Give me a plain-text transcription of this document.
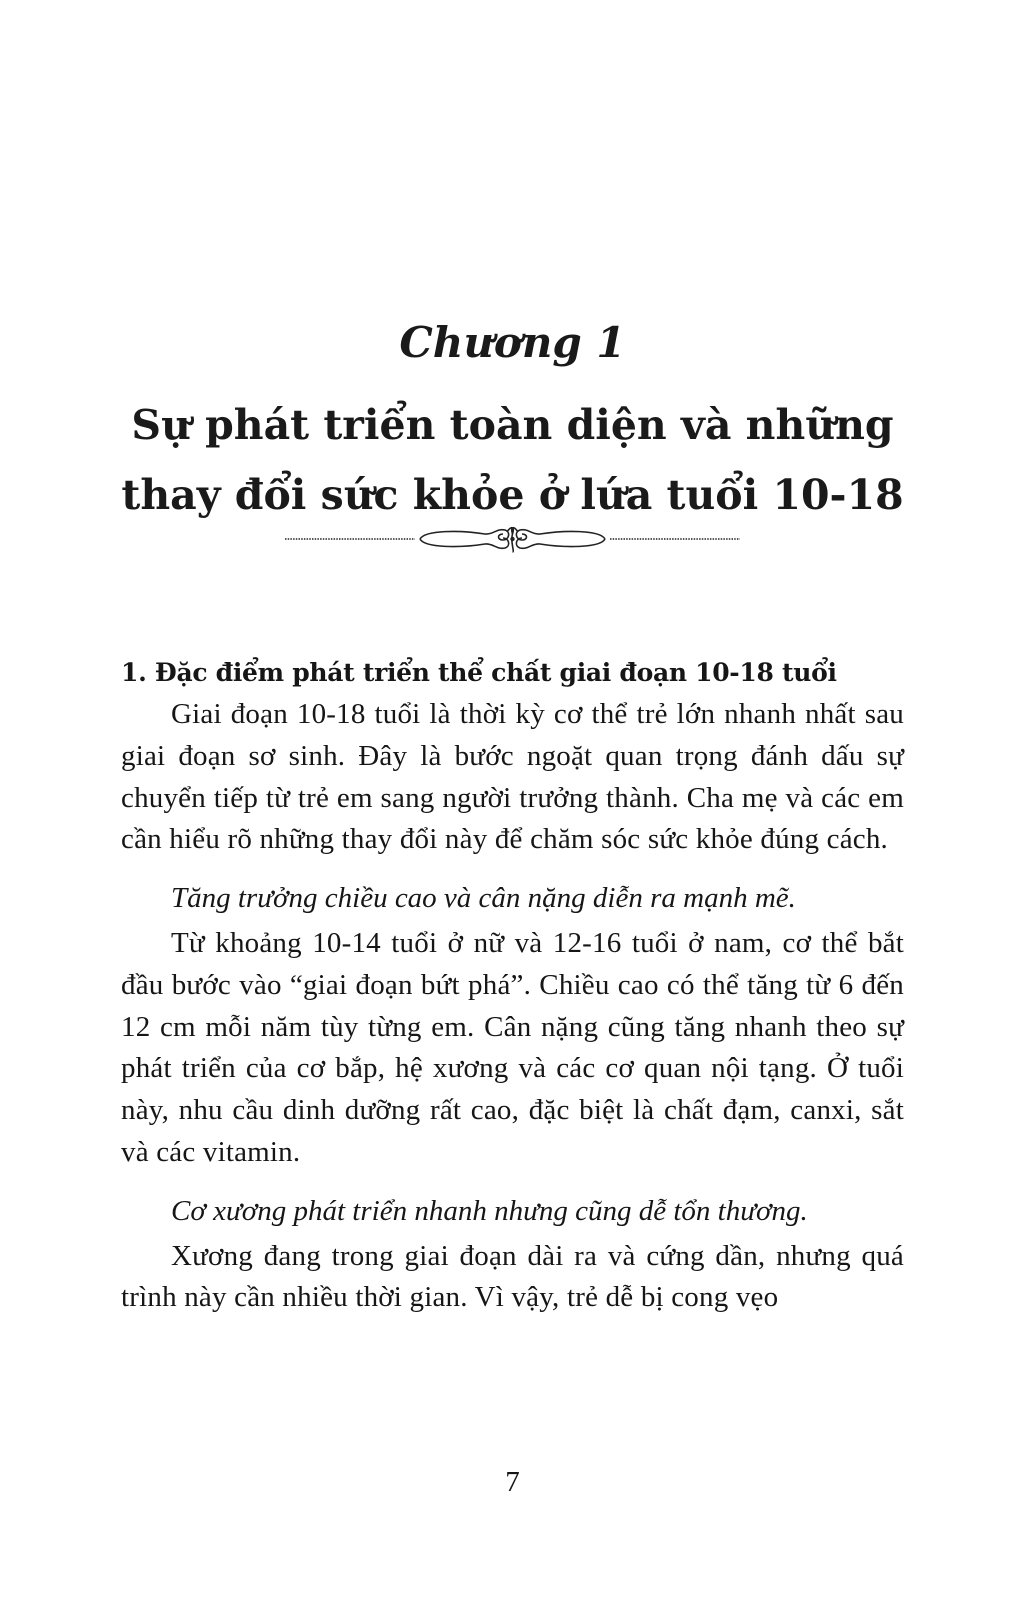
Chương 1
Sự phát triển toàn diện và những thay đổi sức khỏe ở lứa tuổi 10-18
1. Đặc điểm phát triển thể chất giai đoạn 10-18 tuổi

Giai đoạn 10-18 tuổi là thời kỳ cơ thể trẻ lớn nhanh nhất sau giai đoạn sơ sinh. Đây là bước ngoặt quan trọng đánh dấu sự chuyển tiếp từ trẻ em sang người trưởng thành. Cha mẹ và các em cần hiểu rõ những thay đổi này để chăm sóc sức khỏe đúng cách.

Tăng trưởng chiều cao và cân nặng diễn ra mạnh mẽ.

Từ khoảng 10-14 tuổi ở nữ và 12-16 tuổi ở nam, cơ thể bắt đầu bước vào “giai đoạn bứt phá”. Chiều cao có thể tăng từ 6 đến 12 cm mỗi năm tùy từng em. Cân nặng cũng tăng nhanh theo sự phát triển của cơ bắp, hệ xương và các cơ quan nội tạng. Ở tuổi này, nhu cầu dinh dưỡng rất cao, đặc biệt là chất đạm, canxi, sắt và các vitamin.

Cơ xương phát triển nhanh nhưng cũng dễ tổn thương.

Xương đang trong giai đoạn dài ra và cứng dần, nhưng quá trình này cần nhiều thời gian. Vì vậy, trẻ dễ bị cong vẹo

7
